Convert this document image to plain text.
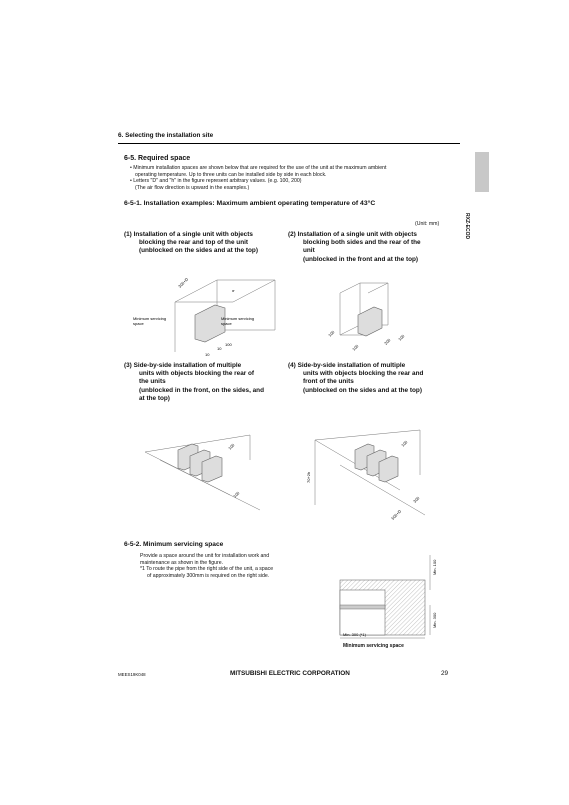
6. Selecting the installation site
RXZ-ECOD
6-5. Required space
• Minimum installation spaces are shown below that are required for the use of the unit at the maximum ambient
operating temperature. Up to three units can be installed side by side in each block.
• Letters "D" and "h" in the figure represent arbitrary values. (e.g. 100, 200)
(The air flow direction is upward in the examples.)
6-5-1. Installation examples: Maximum ambient operating temperature of 43°C
(Unit: mm)
(1) Installation of a single unit with objects
blocking the rear and top of the unit
(unblocked on the sides and at the top)
(2) Installation of a single unit with objects
blocking both sides and the rear of the
unit
(unblocked in the front and at the top)
300+D
h
Minimum servicing
space
Minimum servicing
space
10
10
100
100
100
200 100
(3) Side-by-side installation of multiple
units with objects blocking the rear of
the units
(unblocked in the front, on the sides, and
at the top)
(4) Side-by-side installation of multiple
units with objects blocking the rear and
front of the units
(unblocked on the sides and at the top)
100
100
100
70+2h
500+D
300
6-5-2. Minimum servicing space
Provide a space around the unit for installation work and
maintenance as shown in the figure.
*1 To route the pipe from the right side of the unit, a space
of approximately 300mm is required on the right side.
Min. 100
Min. 300
Min. 300 (*1)
Minimum servicing space
MEES19K048	MITSUBISHI ELECTRIC CORPORATION	29
